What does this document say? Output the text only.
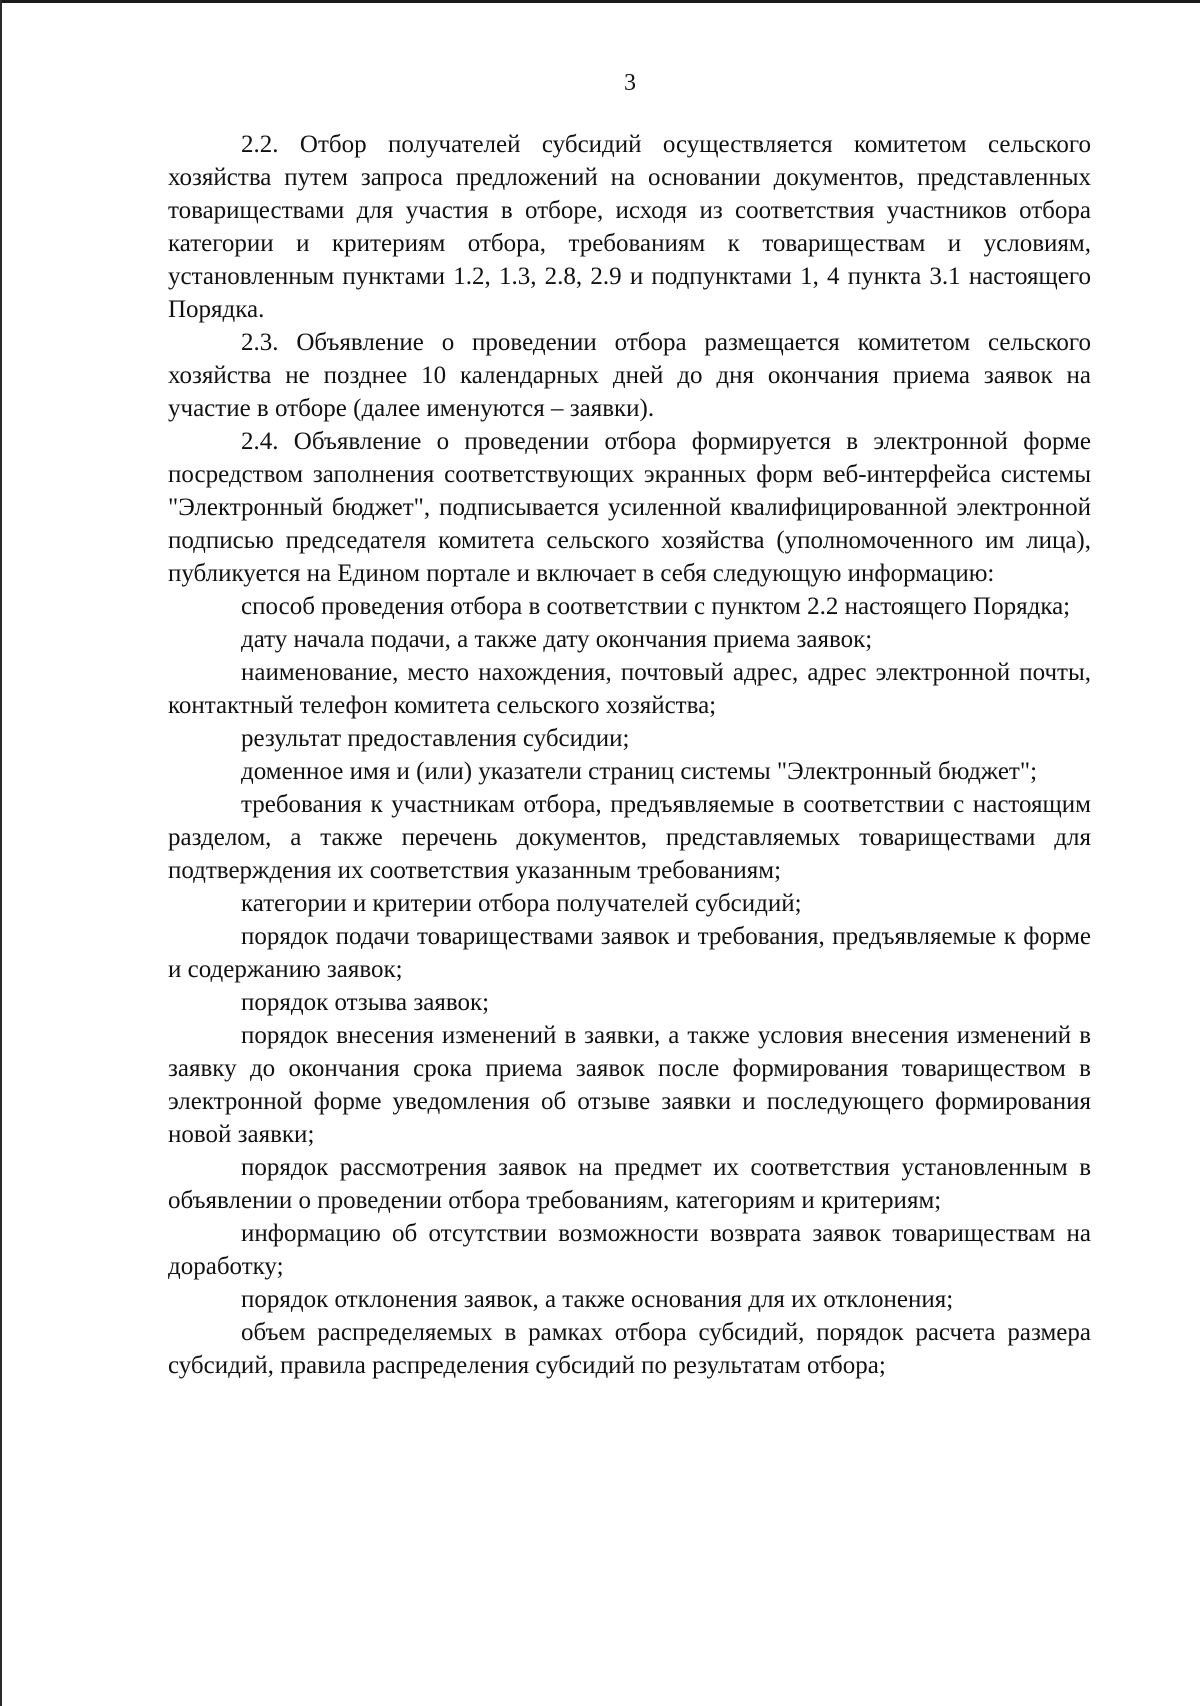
3

2.2. Отбор получателей субсидий осуществляется комитетом сельского хозяйства путем запроса предложений на основании документов, представленных товариществами для участия в отборе, исходя из соответствия участников отбора категории и критериям отбора, требованиям к товариществам и условиям, установленным пунктами 1.2, 1.3, 2.8, 2.9 и подпунктами 1, 4 пункта 3.1 настоящего Порядка.

2.3. Объявление о проведении отбора размещается комитетом сельского хозяйства не позднее 10 календарных дней до дня окончания приема заявок на участие в отборе (далее именуются – заявки).

2.4. Объявление о проведении отбора формируется в электронной форме посредством заполнения соответствующих экранных форм веб-интерфейса системы "Электронный бюджет", подписывается усиленной квалифицированной электронной подписью председателя комитета сельского хозяйства (уполномоченного им лица), публикуется на Едином портале и включает в себя следующую информацию:

способ проведения отбора в соответствии с пунктом 2.2 настоящего Порядка;

дату начала подачи, а также дату окончания приема заявок;

наименование, место нахождения, почтовый адрес, адрес электронной почты, контактный телефон комитета сельского хозяйства;

результат предоставления субсидии;

доменное имя и (или) указатели страниц системы "Электронный бюджет";

требования к участникам отбора, предъявляемые в соответствии с настоящим разделом, а также перечень документов, представляемых товариществами для подтверждения их соответствия указанным требованиям;

категории и критерии отбора получателей субсидий;

порядок подачи товариществами заявок и требования, предъявляемые к форме и содержанию заявок;

порядок отзыва заявок;

порядок внесения изменений в заявки, а также условия внесения изменений в заявку до окончания срока приема заявок после формирования товариществом в электронной форме уведомления об отзыве заявки и последующего формирования новой заявки;

порядок рассмотрения заявок на предмет их соответствия установленным в объявлении о проведении отбора требованиям, категориям и критериям;

информацию об отсутствии возможности возврата заявок товариществам на доработку;

порядок отклонения заявок, а также основания для их отклонения;

объем распределяемых в рамках отбора субсидий, порядок расчета размера субсидий, правила распределения субсидий по результатам отбора;
